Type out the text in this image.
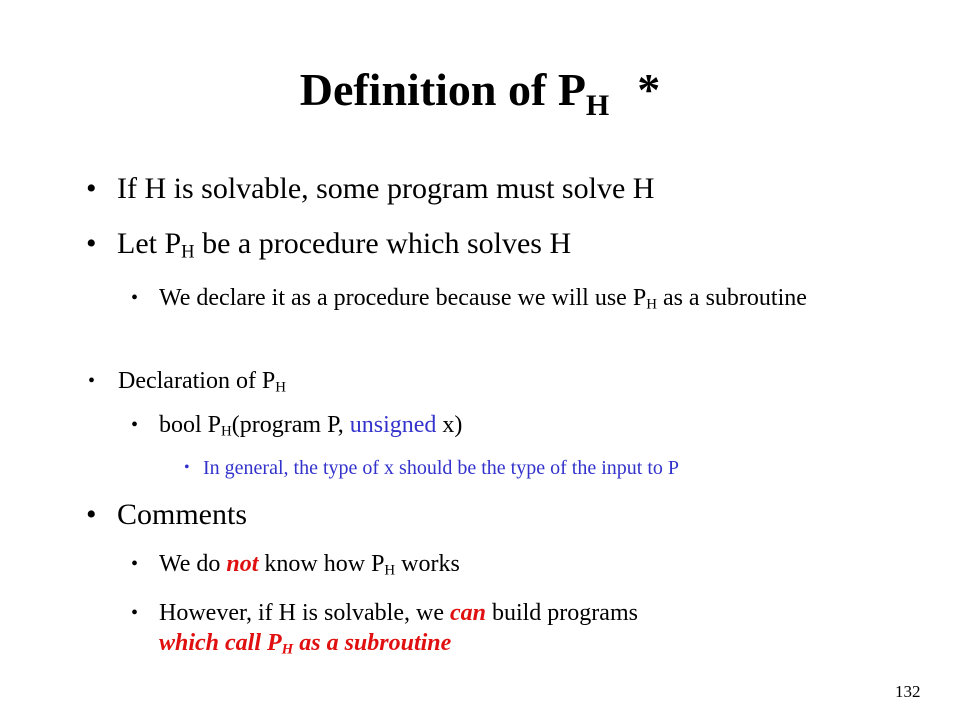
Definition of $P_H$ *
• If H is solvable, some program must solve H
• Let $P_H$ be a procedure which solves H
• We declare it as a procedure because we will use $P_H$ as a subroutine
• Declaration of $P_H$
• bool $P_H(program$ P, unsigned x)
• In general, the type of x should be the type of the input to P
• Comments
• We do not know how $P_H$ works
• However, if H is solvable, we can build programs
which call $P_H$ as a subroutine
132
